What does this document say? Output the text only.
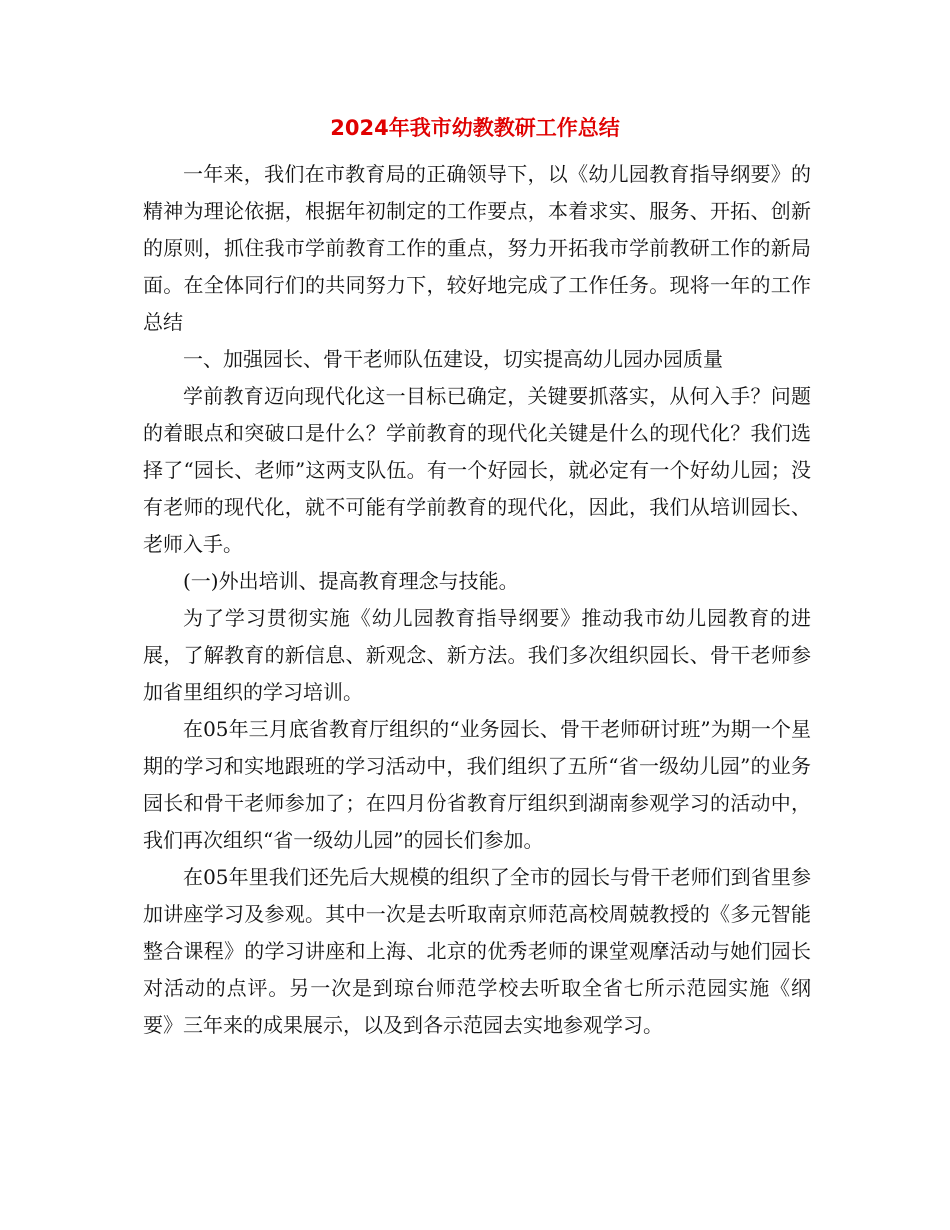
2024年我市幼教教研工作总结

一年来，我们在市教育局的正确领导下，以《幼儿园教育指导纲要》的精神为理论依据，根据年初制定的工作要点，本着求实、服务、开拓、创新的原则，抓住我市学前教育工作的重点，努力开拓我市学前教研工作的新局面。在全体同行们的共同努力下，较好地完成了工作任务。现将一年的工作总结

一、加强园长、骨干老师队伍建设，切实提高幼儿园办园质量

学前教育迈向现代化这一目标已确定，关键要抓落实，从何入手？问题的着眼点和突破口是什么？学前教育的现代化关键是什么的现代化？我们选择了“园长、老师”这两支队伍。有一个好园长，就必定有一个好幼儿园；没有老师的现代化，就不可能有学前教育的现代化，因此，我们从培训园长、老师入手。

(一)外出培训、提高教育理念与技能。

为了学习贯彻实施《幼儿园教育指导纲要》推动我市幼儿园教育的进展，了解教育的新信息、新观念、新方法。我们多次组织园长、骨干老师参加省里组织的学习培训。

在05年三月底省教育厅组织的“业务园长、骨干老师研讨班”为期一个星期的学习和实地跟班的学习活动中，我们组织了五所“省一级幼儿园”的业务园长和骨干老师参加了；在四月份省教育厅组织到湖南参观学习的活动中，我们再次组织“省一级幼儿园”的园长们参加。

在05年里我们还先后大规模的组织了全市的园长与骨干老师们到省里参加讲座学习及参观。其中一次是去听取南京师范高校周兢教授的《多元智能整合课程》的学习讲座和上海、北京的优秀老师的课堂观摩活动与她们园长对活动的点评。另一次是到琼台师范学校去听取全省七所示范园实施《纲要》三年来的成果展示，以及到各示范园去实地参观学习。
